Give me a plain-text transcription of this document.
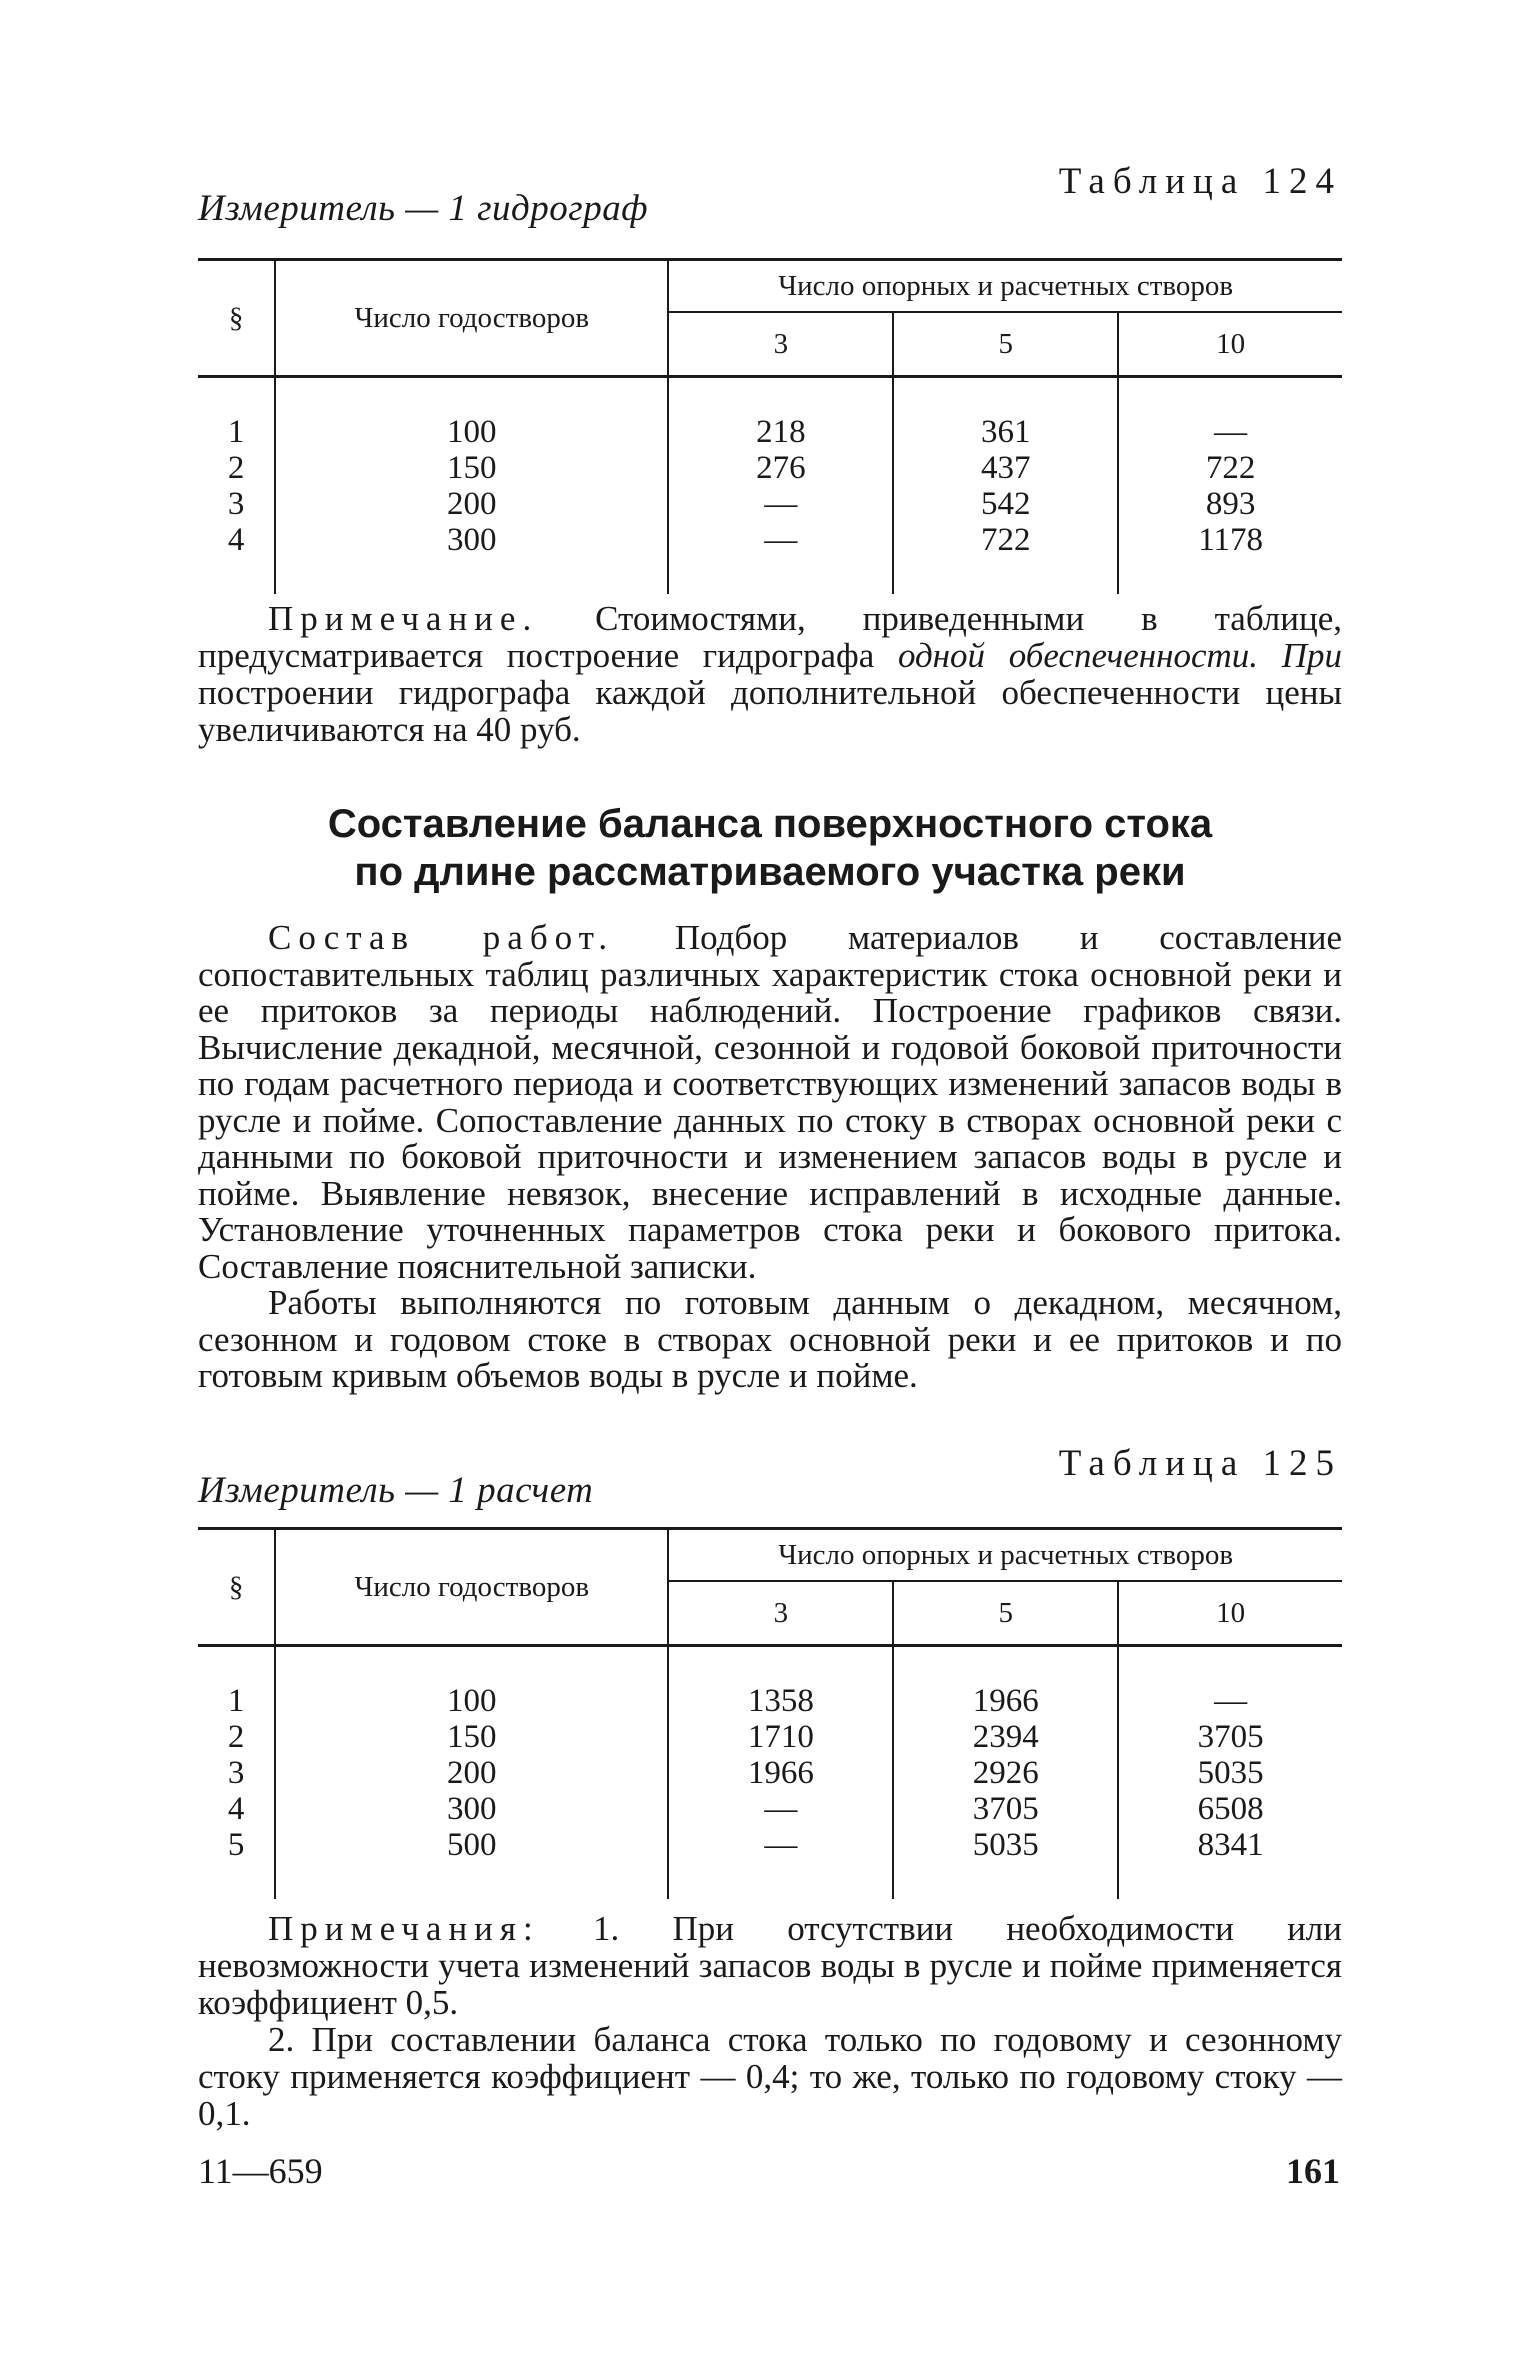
Измеритель — 1 гидрограф
Таблица 124
§	Число годостворов	Число опорных и расчетных створов		
		3	5	10
1	100	218	361	—
2	150	276	437	722
3	200	—	542	893
4	300	—	722	1178

Примечание. Стоимостями, приведенными в таблице, предусматривается построение гидрографа одной обеспеченности. При построении гидрографа каждой дополнительной обеспеченности цены увеличиваются на 40 руб.

Составление баланса поверхностного стока
по длине рассматриваемого участка реки

Состав работ. Подбор материалов и составление сопоставительных таблиц различных характеристик стока основной реки и ее притоков за периоды наблюдений. Построение графиков связи. Вычисление декадной, месячной, сезонной и годовой боковой приточности по годам расчетного периода и соответствующих изменений запасов воды в русле и пойме. Сопоставление данных по стоку в створах основной реки с данными по боковой приточности и изменением запасов воды в русле и пойме. Выявление невязок, внесение исправлений в исходные данные. Установление уточненных параметров стока реки и бокового притока. Составление пояснительной записки.

Работы выполняются по готовым данным о декадном, месячном, сезонном и годовом стоке в створах основной реки и ее притоков и по готовым кривым объемов воды в русле и пойме.

Измеритель — 1 расчет
Таблица 125
§	Число годостворов	Число опорных и расчетных створов		
		3	5	10
1	100	1358	1966	—
2	150	1710	2394	3705
3	200	1966	2926	5035
4	300	—	3705	6508
5	500	—	5035	8341

Примечания: 1. При отсутствии необходимости или невозможности учета изменений запасов воды в русле и пойме применяется коэффициент 0,5.

2. При составлении баланса стока только по годовому и сезонному стоку применяется коэффициент — 0,4; то же, только по годовому стоку — 0,1.

11—659	161
